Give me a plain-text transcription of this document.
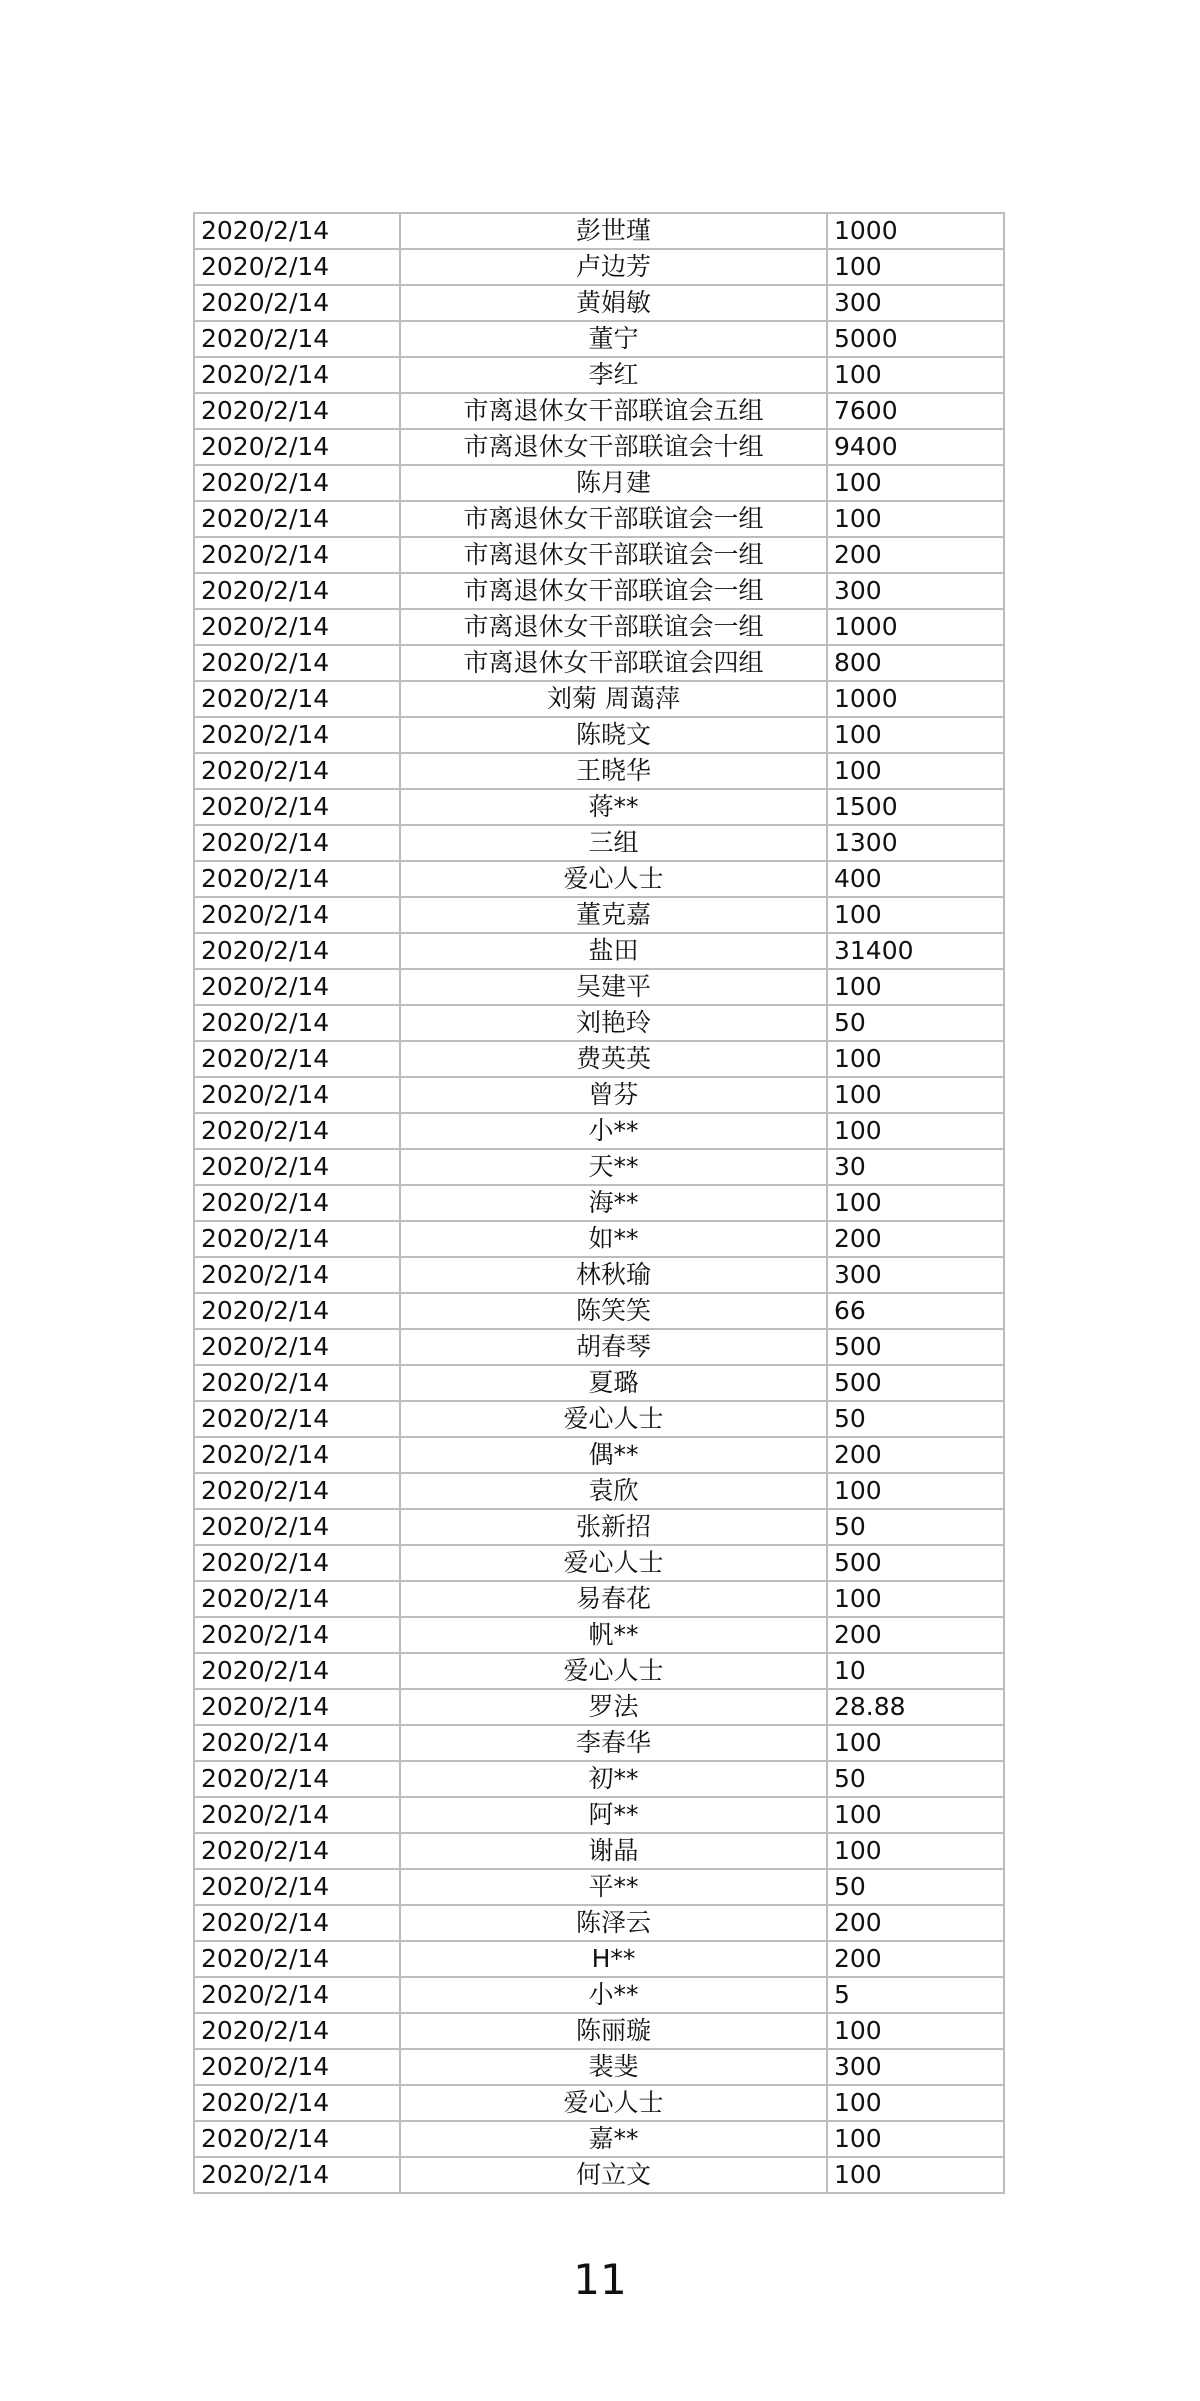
2020/2/14	彭世瑾	1000
2020/2/14	卢边芳	100
2020/2/14	黄娟敏	300
2020/2/14	董宁	5000
2020/2/14	李红	100
2020/2/14	市离退休女干部联谊会五组	7600
2020/2/14	市离退休女干部联谊会十组	9400
2020/2/14	陈月建	100
2020/2/14	市离退休女干部联谊会一组	100
2020/2/14	市离退休女干部联谊会一组	200
2020/2/14	市离退休女干部联谊会一组	300
2020/2/14	市离退休女干部联谊会一组	1000
2020/2/14	市离退休女干部联谊会四组	800
2020/2/14	刘菊 周蔼萍	1000
2020/2/14	陈晓文	100
2020/2/14	王晓华	100
2020/2/14	蒋**	1500
2020/2/14	三组	1300
2020/2/14	爱心人士	400
2020/2/14	董克嘉	100
2020/2/14	盐田	31400
2020/2/14	吴建平	100
2020/2/14	刘艳玲	50
2020/2/14	费英英	100
2020/2/14	曾芬	100
2020/2/14	小**	100
2020/2/14	天**	30
2020/2/14	海**	100
2020/2/14	如**	200
2020/2/14	林秋瑜	300
2020/2/14	陈笑笑	66
2020/2/14	胡春琴	500
2020/2/14	夏璐	500
2020/2/14	爱心人士	50
2020/2/14	偶**	200
2020/2/14	袁欣	100
2020/2/14	张新招	50
2020/2/14	爱心人士	500
2020/2/14	易春花	100
2020/2/14	帆**	200
2020/2/14	爱心人士	10
2020/2/14	罗法	28.88
2020/2/14	李春华	100
2020/2/14	初**	50
2020/2/14	阿**	100
2020/2/14	谢晶	100
2020/2/14	平**	50
2020/2/14	陈泽云	200
2020/2/14	H**	200
2020/2/14	小**	5
2020/2/14	陈丽璇	100
2020/2/14	裴斐	300
2020/2/14	爱心人士	100
2020/2/14	嘉**	100
2020/2/14	何立文	100
11
